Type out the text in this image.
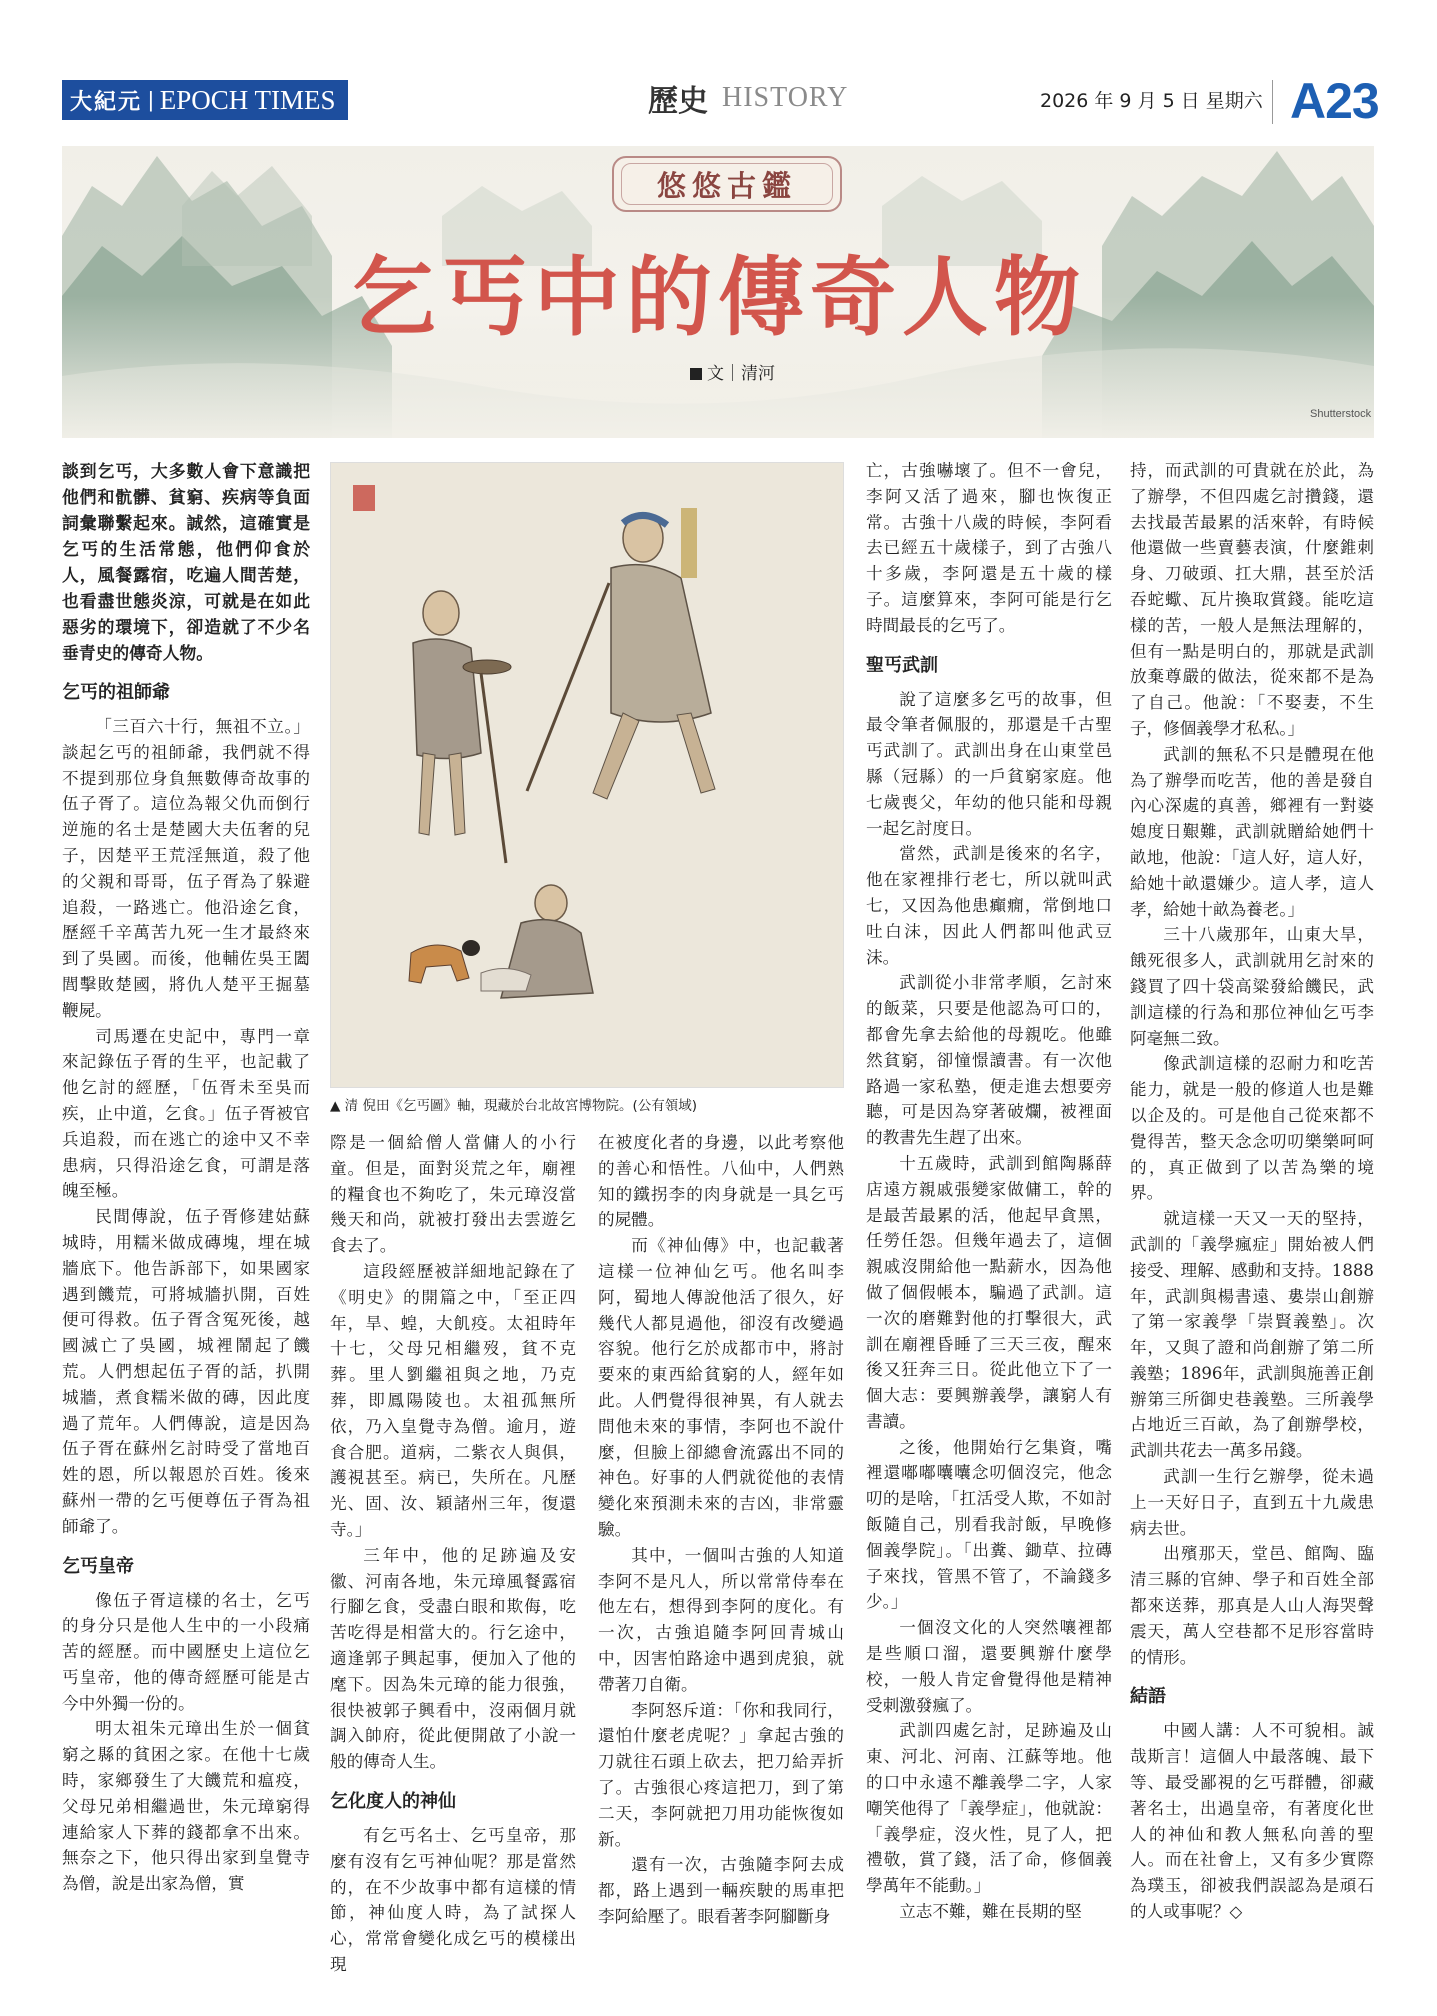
大紀元 | EPOCH TIMES	歷史 HISTORY	2026 年 9 月 5 日 星期六 A23
悠悠古鑑
乞丐中的傳奇人物
文｜清河
Shutterstock
▲ 清 倪田《乞丐圖》軸，現藏於台北故宮博物院。(公有領域)
談到乞丐，大多數人會下意識把他們和骯髒、貧窮、疾病等負面詞彙聯繫起來。誠然，這確實是乞丐的生活常態，他們仰食於人，風餐露宿，吃遍人間苦楚，也看盡世態炎涼，可就是在如此惡劣的環境下，卻造就了不少名垂青史的傳奇人物。
乞丐的祖師爺

「三百六十行，無祖不立。」談起乞丐的祖師爺，我們就不得不提到那位身負無數傳奇故事的伍子胥了。這位為報父仇而倒行逆施的名士是楚國大夫伍奢的兒子，因楚平王荒淫無道，殺了他的父親和哥哥，伍子胥為了躲避追殺，一路逃亡。他沿途乞食，歷經千辛萬苦九死一生才最終來到了吳國。而後，他輔佐吳王闔閭擊敗楚國，將仇人楚平王掘墓鞭屍。

司馬遷在史記中，專門一章來記錄伍子胥的生平，也記載了他乞討的經歷，「伍胥未至吳而疾，止中道，乞食。」伍子胥被官兵追殺，而在逃亡的途中又不幸患病，只得沿途乞食，可謂是落魄至極。

民間傳說，伍子胥修建姑蘇城時，用糯米做成磚塊，埋在城牆底下。他告訴部下，如果國家遇到饑荒，可將城牆扒開，百姓便可得救。伍子胥含冤死後，越國滅亡了吳國，城裡鬧起了饑荒。人們想起伍子胥的話，扒開城牆，煮食糯米做的磚，因此度過了荒年。人們傳說，這是因為伍子胥在蘇州乞討時受了當地百姓的恩，所以報恩於百姓。後來蘇州一帶的乞丐便尊伍子胥為祖師爺了。

乞丐皇帝

像伍子胥這樣的名士，乞丐的身分只是他人生中的一小段痛苦的經歷。而中國歷史上這位乞丐皇帝，他的傳奇經歷可能是古今中外獨一份的。

明太祖朱元璋出生於一個貧窮之縣的貧困之家。在他十七歲時，家鄉發生了大饑荒和瘟疫，父母兄弟相繼過世，朱元璋窮得連給家人下葬的錢都拿不出來。無奈之下，他只得出家到皇覺寺為僧，說是出家為僧，實

際是一個給僧人當傭人的小行童。但是，面對災荒之年，廟裡的糧食也不夠吃了，朱元璋沒當幾天和尚，就被打發出去雲遊乞食去了。

這段經歷被詳細地記錄在了《明史》的開篇之中，「至正四年，旱、蝗，大飢疫。太祖時年十七，父母兄相繼歿，貧不克葬。里人劉繼祖與之地，乃克葬，即鳳陽陵也。太祖孤無所依，乃入皇覺寺為僧。逾月，遊食合肥。道病，二紫衣人與俱，護視甚至。病已，失所在。凡歷光、固、汝、穎諸州三年，復還寺。」

三年中，他的足跡遍及安徽、河南各地，朱元璋風餐露宿行腳乞食，受盡白眼和欺侮，吃苦吃得是相當大的。行乞途中，適逢郭子興起事，便加入了他的麾下。因為朱元璋的能力很強，很快被郭子興看中，沒兩個月就調入帥府，從此便開啟了小說一般的傳奇人生。

乞化度人的神仙

有乞丐名士、乞丐皇帝，那麼有沒有乞丐神仙呢？那是當然的，在不少故事中都有這樣的情節，神仙度人時，為了試探人心，常常會變化成乞丐的模樣出現

在被度化者的身邊，以此考察他的善心和悟性。八仙中，人們熟知的鐵拐李的肉身就是一具乞丐的屍體。

而《神仙傳》中，也記載著這樣一位神仙乞丐。他名叫李阿，蜀地人傳說他活了很久，好幾代人都見過他，卻沒有改變過容貌。他行乞於成都市中，將討要來的東西給貧窮的人，經年如此。人們覺得很神異，有人就去問他未來的事情，李阿也不說什麼，但臉上卻總會流露出不同的神色。好事的人們就從他的表情變化來預測未來的吉凶，非常靈驗。

其中，一個叫古強的人知道李阿不是凡人，所以常常侍奉在他左右，想得到李阿的度化。有一次，古強追隨李阿回青城山中，因害怕路途中遇到虎狼，就帶著刀自衛。

李阿怒斥道：「你和我同行，還怕什麼老虎呢？」拿起古強的刀就往石頭上砍去，把刀給弄折了。古強很心疼這把刀，到了第二天，李阿就把刀用功能恢復如新。

還有一次，古強隨李阿去成都，路上遇到一輛疾駛的馬車把李阿給壓了。眼看著李阿腳斷身

亡，古強嚇壞了。但不一會兒，李阿又活了過來，腳也恢復正常。古強十八歲的時候，李阿看去已經五十歲樣子，到了古強八十多歲，李阿還是五十歲的樣子。這麼算來，李阿可能是行乞時間最長的乞丐了。

聖丐武訓

說了這麼多乞丐的故事，但最令筆者佩服的，那還是千古聖丐武訓了。武訓出身在山東堂邑縣（冠縣）的一戶貧窮家庭。他七歲喪父，年幼的他只能和母親一起乞討度日。

當然，武訓是後來的名字，他在家裡排行老七，所以就叫武七，又因為他患癲癇，常倒地口吐白沫，因此人們都叫他武豆沫。

武訓從小非常孝順，乞討來的飯菜，只要是他認為可口的，都會先拿去給他的母親吃。他雖然貧窮，卻憧憬讀書。有一次他路過一家私塾，便走進去想要旁聽，可是因為穿著破爛，被裡面的教書先生趕了出來。

十五歲時，武訓到館陶縣薛店遠方親戚張變家做傭工，幹的是最苦最累的活，他起早貪黑，任勞任怨。但幾年過去了，這個親戚沒開給他一點薪水，因為他做了個假帳本，騙過了武訓。這一次的磨難對他的打擊很大，武訓在廟裡昏睡了三天三夜，醒來後又狂奔三日。從此他立下了一個大志：要興辦義學，讓窮人有書讀。

之後，他開始行乞集資，嘴裡還嘟嘟囔囔念叨個沒完，他念叨的是啥，「扛活受人欺，不如討飯隨自己，別看我討飯，早晚修個義學院」。「出糞、鋤草、拉磚子來找，管黑不管了，不論錢多少。」

一個沒文化的人突然嚷裡都是些順口溜，還要興辦什麼學校，一般人肯定會覺得他是精神受刺激發瘋了。

武訓四處乞討，足跡遍及山東、河北、河南、江蘇等地。他的口中永遠不離義學二字，人家嘲笑他得了「義學症」，他就說：「義學症，沒火性，見了人，把禮敬，賞了錢，活了命，修個義學萬年不能動。」

立志不難，難在長期的堅

持，而武訓的可貴就在於此，為了辦學，不但四處乞討攢錢，還去找最苦最累的活來幹，有時候他還做一些賣藝表演，什麼錐刺身、刀破頭、扛大鼎，甚至於活吞蛇蠍、瓦片換取賞錢。能吃這樣的苦，一般人是無法理解的，但有一點是明白的，那就是武訓放棄尊嚴的做法，從來都不是為了自己。他說：「不娶妻，不生子，修個義學才私私。」

武訓的無私不只是體現在他為了辦學而吃苦，他的善是發自內心深處的真善，鄉裡有一對婆媳度日艱難，武訓就贈給她們十畝地，他說：「這人好，這人好，給她十畝還嫌少。這人孝，這人孝，給她十畝為養老。」

三十八歲那年，山東大旱，餓死很多人，武訓就用乞討來的錢買了四十袋高粱發給饑民，武訓這樣的行為和那位神仙乞丐李阿毫無二致。

像武訓這樣的忍耐力和吃苦能力，就是一般的修道人也是難以企及的。可是他自己從來都不覺得苦，整天念念叨叨樂樂呵呵的，真正做到了以苦為樂的境界。

就這樣一天又一天的堅持，武訓的「義學瘋症」開始被人們接受、理解、感動和支持。1888年，武訓與楊書遠、婁崇山創辦了第一家義學「崇賢義塾」。次年，又與了證和尚創辦了第二所義塾；1896年，武訓與施善正創辦第三所御史巷義塾。三所義學占地近三百畝，為了創辦學校，武訓共花去一萬多吊錢。

武訓一生行乞辦學，從未過上一天好日子，直到五十九歲患病去世。

出殯那天，堂邑、館陶、臨清三縣的官紳、學子和百姓全部都來送葬，那真是人山人海哭聲震天，萬人空巷都不足形容當時的情形。

結語

中國人講：人不可貌相。誠哉斯言！這個人中最落魄、最下等、最受鄙視的乞丐群體，卻藏著名士，出過皇帝，有著度化世人的神仙和教人無私向善的聖人。而在社會上，又有多少實際為璞玉，卻被我們誤認為是頑石的人或事呢？◇
